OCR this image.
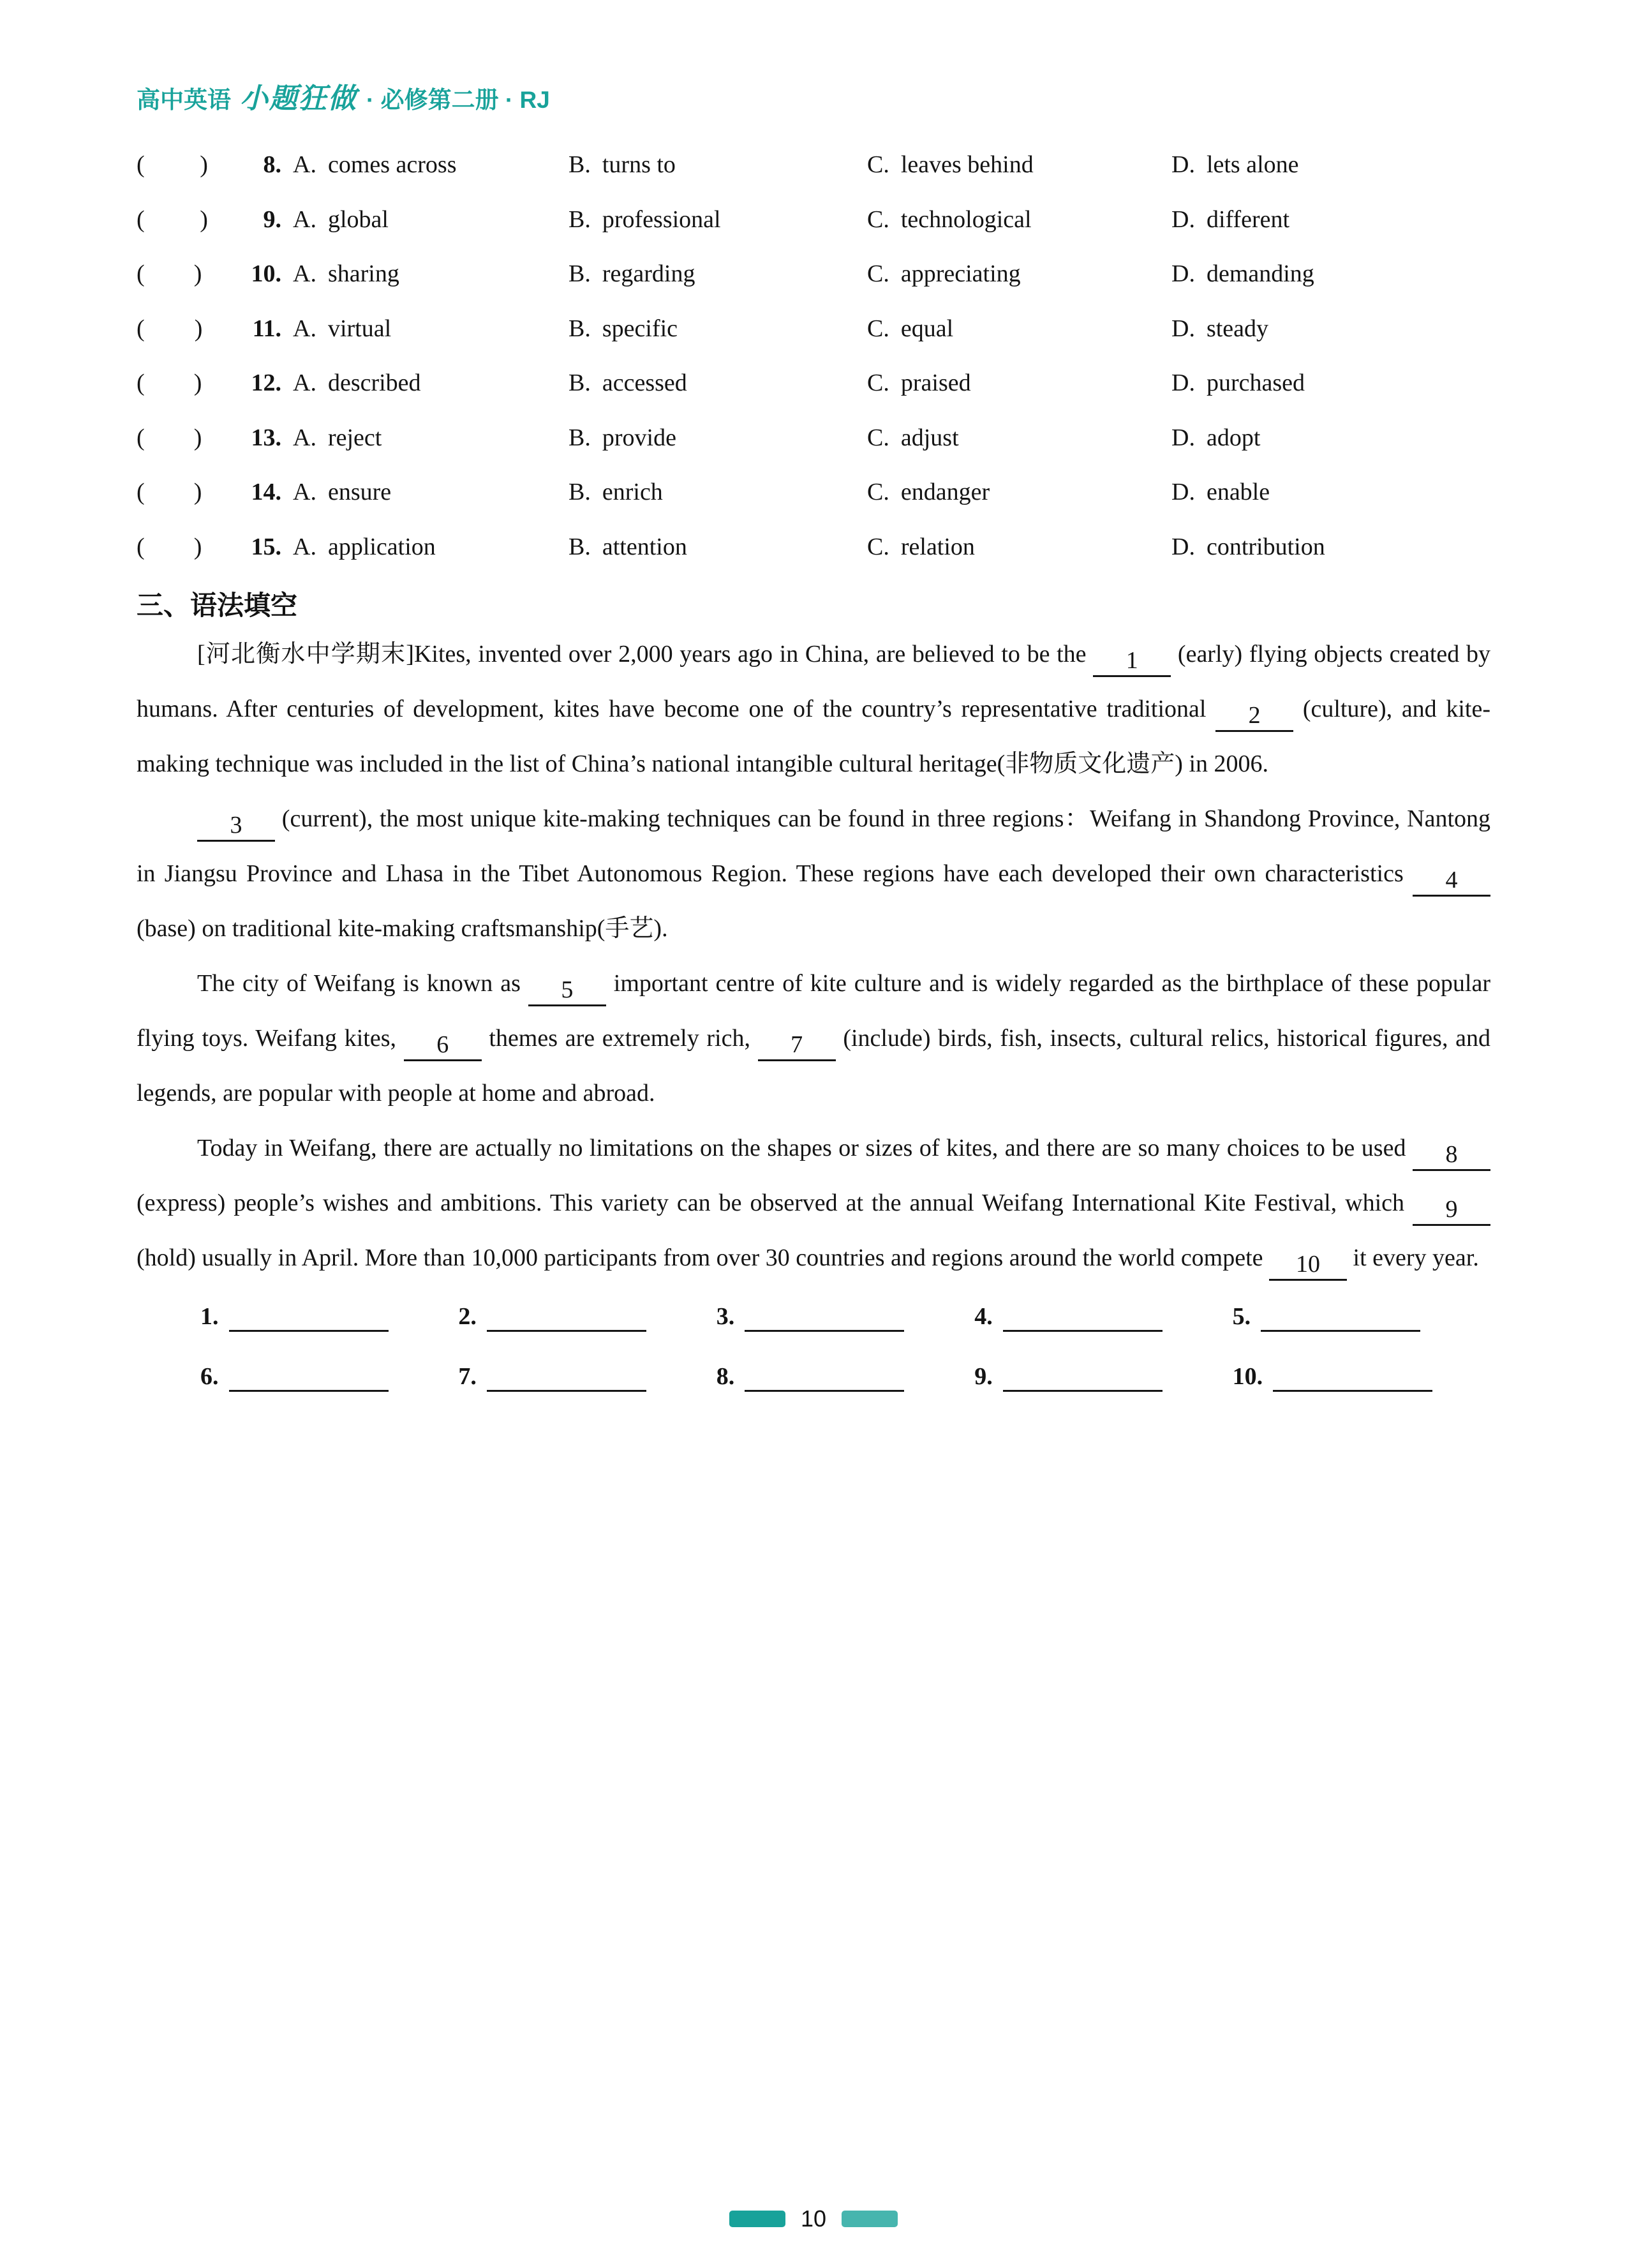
高中英语 小题狂做 · 必修第二册 · RJ
( ) 8. A. comes across	B. turns to	C. leaves behind	D. lets alone
( ) 9. A. global	B. professional	C. technological	D. different
( ) 10. A. sharing	B. regarding	C. appreciating	D. demanding
( ) 11. A. virtual	B. specific	C. equal	D. steady
( ) 12. A. described	B. accessed	C. praised	D. purchased
( ) 13. A. reject	B. provide	C. adjust	D. adopt
( ) 14. A. ensure	B. enrich	C. endanger	D. enable
( ) 15. A. application	B. attention	C. relation	D. contribution
三、语法填空

[河北衡水中学期末]Kites, invented over 2,000 years ago in China, are believed to be the 1 (early) flying objects created by humans. After centuries of development, kites have become one of the country’s representative traditional 2 (culture), and kite-making technique was included in the list of China’s national intangible cultural heritage(非物质文化遗产) in 2006.

3 (current), the most unique kite-making techniques can be found in three regions：Weifang in Shandong Province, Nantong in Jiangsu Province and Lhasa in the Tibet Autonomous Region. These regions have each developed their own characteristics 4 (base) on traditional kite-making craftsmanship(手艺).

The city of Weifang is known as 5 important centre of kite culture and is widely regarded as the birthplace of these popular flying toys. Weifang kites, 6 themes are extremely rich, 7 (include) birds, fish, insects, cultural relics, historical figures, and legends, are popular with people at home and abroad.

Today in Weifang, there are actually no limitations on the shapes or sizes of kites, and there are so many choices to be used 8 (express) people’s wishes and ambitions. This variety can be observed at the annual Weifang International Kite Festival, which 9 (hold) usually in April. More than 10,000 participants from over 30 countries and regions around the world compete 10 it every year.

1.	2.	3.	4.	5.
6.	7.	8.	9.	10.
10
